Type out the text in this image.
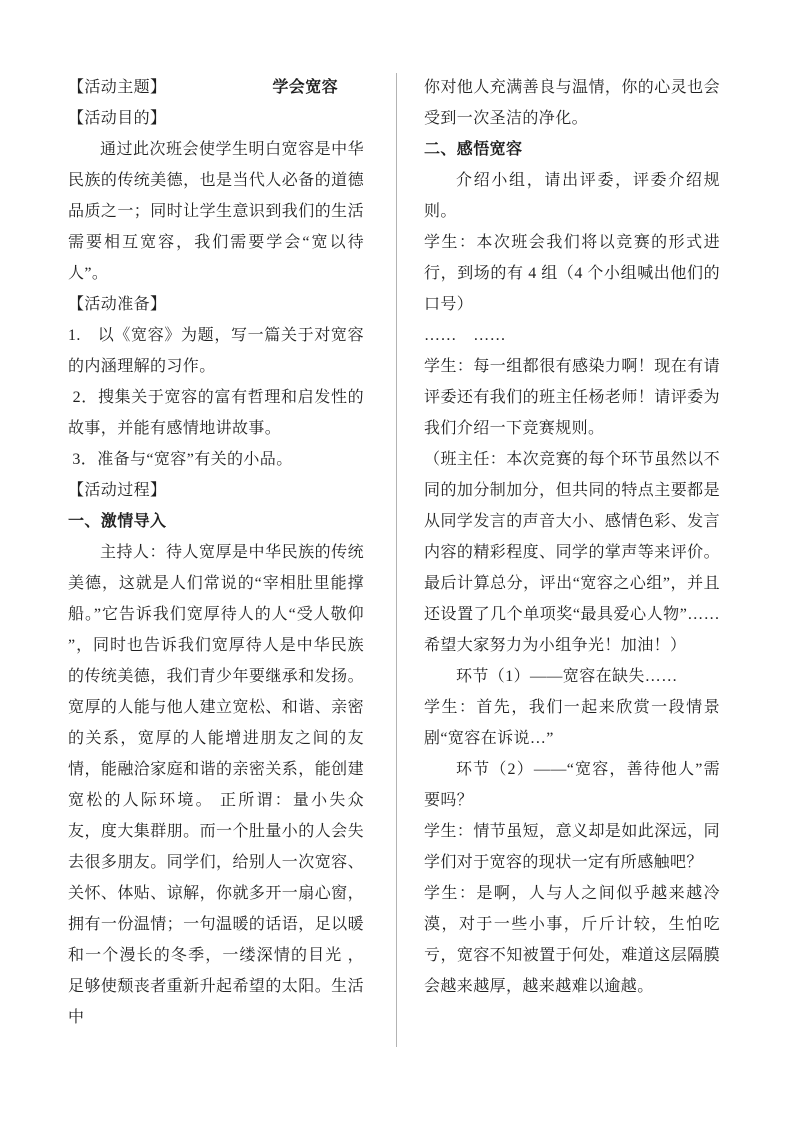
【活动主题】	学会宽容

【活动目的】

通过此次班会使学生明白宽容是中华民族的传统美德，也是当代人必备的道德品质之一；同时让学生意识到我们的生活需要相互宽容，我们需要学会“宽以待人”。

【活动准备】

1.　以《宽容》为题，写一篇关于对宽容的内涵理解的习作。

2．搜集关于宽容的富有哲理和启发性的故事，并能有感情地讲故事。

3．准备与“宽容”有关的小品。

【活动过程】

一、激情导入

主持人：待人宽厚是中华民族的传统美德，这就是人们常说的“宰相肚里能撑船。”它告诉我们宽厚待人的人“受人敬仰 ”，同时也告诉我们宽厚待人是中华民族的传统美德，我们青少年要继承和发扬。宽厚的人能与他人建立宽松、和谐、亲密的关系，宽厚的人能增进朋友之间的友情，能融洽家庭和谐的亲密关系，能创建宽松的人际环境。 正所谓：量小失众友，度大集群朋。而一个肚量小的人会失去很多朋友。同学们，给别人一次宽容、关怀、体贴、谅解，你就多开一扇心窗，拥有一份温情；一句温暖的话语，足以暖和一个漫长的冬季，一缕深情的目光 ，足够使颓丧者重新升起希望的太阳。生活中

你对他人充满善良与温情，你的心灵也会受到一次圣洁的净化。

二、感悟宽容

介绍小组，请出评委，评委介绍规则。

学生：本次班会我们将以竞赛的形式进行，到场的有 4 组（4 个小组喊出他们的口号）

……　……

学生：每一组都很有感染力啊！现在有请评委还有我们的班主任杨老师！请评委为我们介绍一下竞赛规则。

（班主任：本次竞赛的每个环节虽然以不同的加分制加分，但共同的特点主要都是从同学发言的声音大小、感情色彩、发言内容的精彩程度、同学的掌声等来评价。最后计算总分，评出“宽容之心组”，并且还设置了几个单项奖“最具爱心人物”……希望大家努力为小组争光！加油！）

环节（1）——宽容在缺失……

学生：首先，我们一起来欣赏一段情景剧“宽容在诉说…”

环节（2）——“宽容，善待他人”需要吗？

学生：情节虽短，意义却是如此深远，同学们对于宽容的现状一定有所感触吧？

学生：是啊，人与人之间似乎越来越冷漠，对于一些小事，斤斤计较，生怕吃亏，宽容不知被置于何处，难道这层隔膜会越来越厚，越来越难以逾越。
